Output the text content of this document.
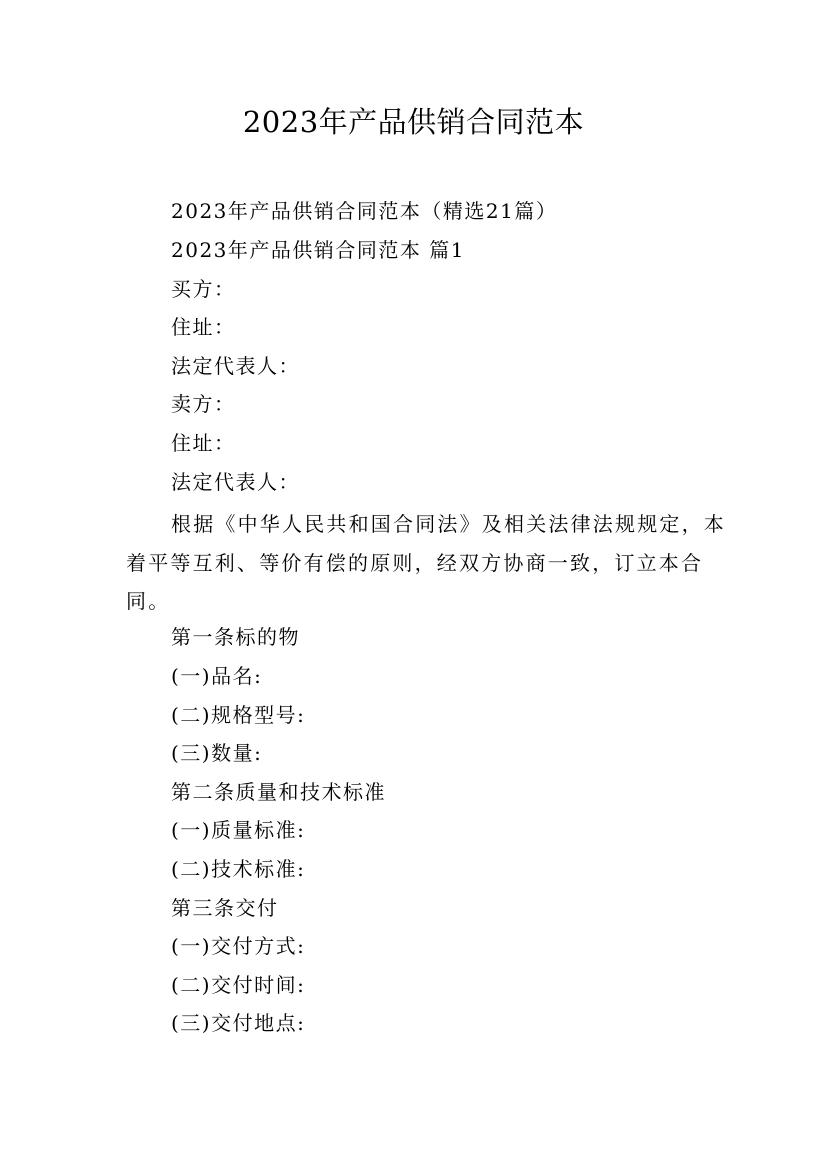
2023年产品供销合同范本
2023年产品供销合同范本（精选21篇）
2023年产品供销合同范本 篇1
买方：
住址：
法定代表人：
卖方：
住址：
法定代表人：
根据《中华人民共和国合同法》及相关法律法规规定，本着平等互利、等价有偿的原则，经双方协商一致，订立本合同。
第一条标的物
(一)品名:
(二)规格型号:
(三)数量:
第二条质量和技术标准
(一)质量标准:
(二)技术标准:
第三条交付
(一)交付方式:
(二)交付时间:
(三)交付地点:
